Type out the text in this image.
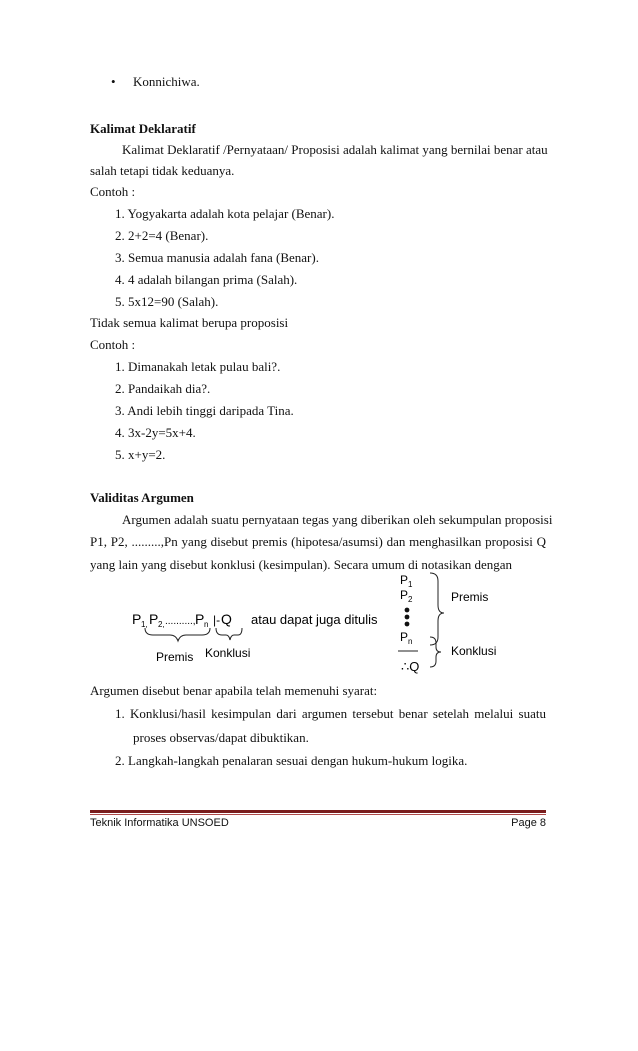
• Konnichiwa.
Kalimat Deklaratif
Kalimat Deklaratif /Pernyataan/ Proposisi adalah kalimat yang bernilai benar atau
salah tetapi tidak keduanya.
Contoh :
1. Yogyakarta adalah kota pelajar (Benar).
2. 2+2=4 (Benar).
3. Semua manusia adalah fana (Benar).
4. 4 adalah bilangan prima (Salah).
5. 5x12=90 (Salah).
Tidak semua kalimat berupa proposisi
Contoh :
1. Dimanakah letak pulau bali?.
2. Pandaikah dia?.
3. Andi lebih tinggi daripada Tina.
4. 3x-2y=5x+4.
5. x+y=2.
Validitas Argumen
Argumen adalah suatu pernyataan tegas yang diberikan oleh sekumpulan proposisi
P1, P2, .........,Pn yang disebut premis (hipotesa/asumsi) dan menghasilkan proposisi Q
yang lain yang disebut konklusi (kesimpulan). Secara umum di notasikan dengan
P 1, P 2, .........., P n |- Q atau dapat juga ditulis
Premis Konklusi
P 1
P 2
P n
∴Q
Premis
Konklusi
Argumen disebut benar apabila telah memenuhi syarat:
1. Konklusi/hasil kesimpulan dari argumen tersebut benar setelah melalui suatu
proses observas/dapat dibuktikan.
2. Langkah-langkah penalaran sesuai dengan hukum-hukum logika.
Teknik Informatika UNSOED	Page 8
